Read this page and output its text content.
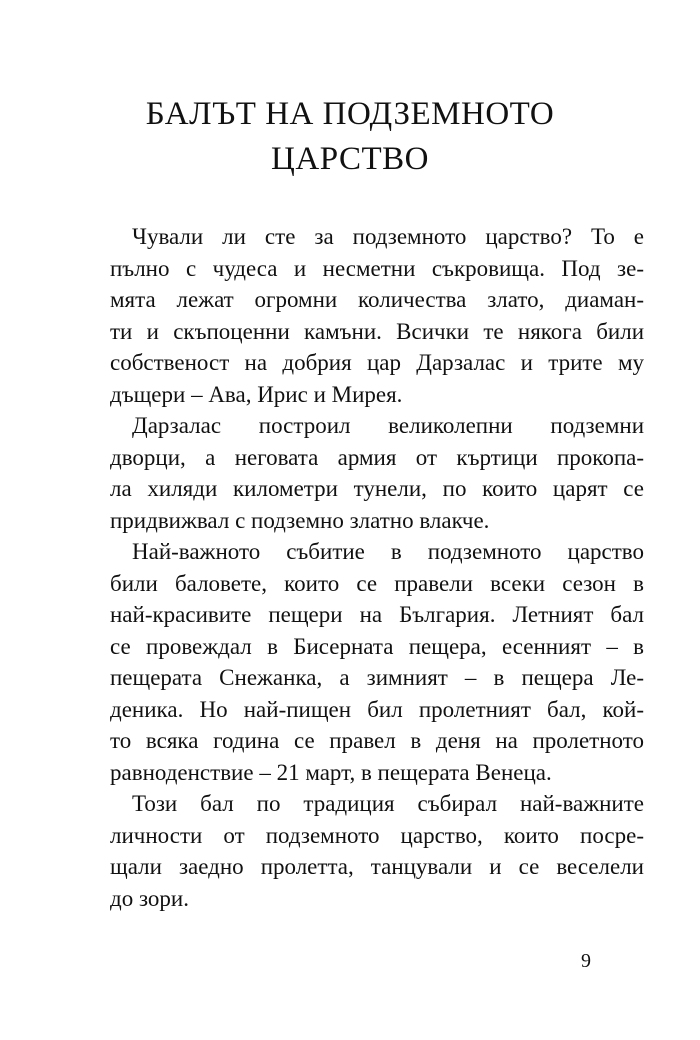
БАЛЪТ НА ПОДЗЕМНОТО
ЦАРСТВО
Чували ли сте за подземното царство? То е
пълно с чудеса и несметни съкровища. Под зе-
мята лежат огромни количества злато, диаман-
ти и скъпоценни камъни. Всички те някога били
собственост на добрия цар Дарзалас и трите му
дъщери – Ава, Ирис и Мирея.
Дарзалас построил великолепни подземни
дворци, а неговата армия от къртици прокопа-
ла хиляди километри тунели, по които царят се
придвижвал с подземно златно влакче.
Най-важното събитие в подземното царство
били баловете, които се правели всеки сезон в
най-красивите пещери на България. Летният бал
се провеждал в Бисерната пещера, есенният – в
пещерата Снежанка, а зимният – в пещера Ле-
деника. Но най-пищен бил пролетният бал, кой-
то всяка година се правел в деня на пролетното
равноденствие – 21 март, в пещерата Венеца.
Този бал по традиция събирал най-важните
личности от подземното царство, които посре-
щали заедно пролетта, танцували и се веселели
до зори.
9
